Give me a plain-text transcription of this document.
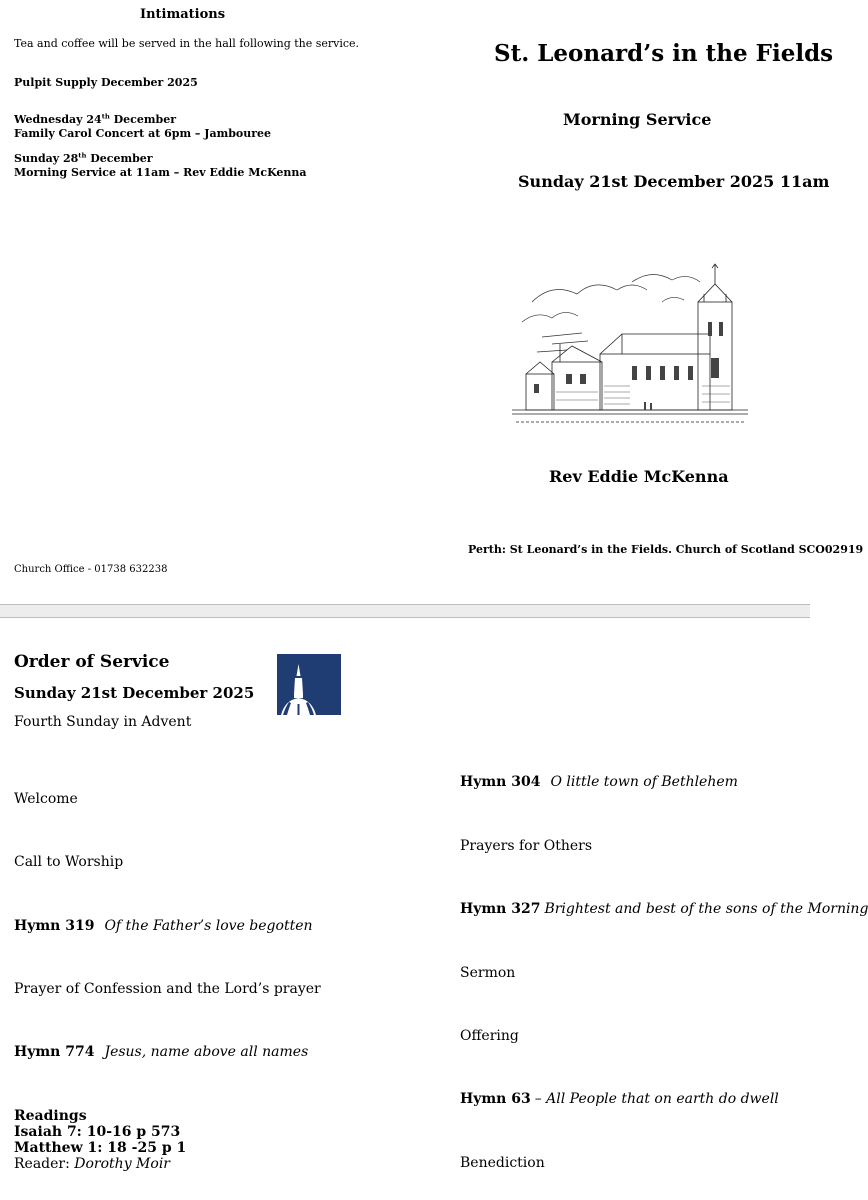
Intimations
Tea and coffee will be served in the hall following the service.
Pulpit Supply December 2025
Wednesday 24th December
Family Carol Concert at 6pm – Jambouree
Sunday 28th December
Morning Service at 11am – Rev Eddie McKenna
St. Leonard’s in the Fields
Morning Service
Sunday 21st December 2025 11am
Rev Eddie McKenna
Perth: St Leonard’s in the Fields. Church of Scotland SCO02919
Church Office - 01738 632238
Order of Service
Sunday 21st December 2025
Fourth Sunday in Advent
Welcome
Call to Worship
Hymn 319 Of the Father’s love begotten
Prayer of Confession and the Lord’s prayer
Hymn 774 Jesus, name above all names
Readings
Isaiah 7: 10-16 p 573
Matthew 1: 18 -25 p 1
Reader: Dorothy Moir
Hymn 304 O little town of Bethlehem
Prayers for Others
Hymn 327 Brightest and best of the sons of the Morning
Sermon
Offering
Hymn 63 – All People that on earth do dwell
Benediction
